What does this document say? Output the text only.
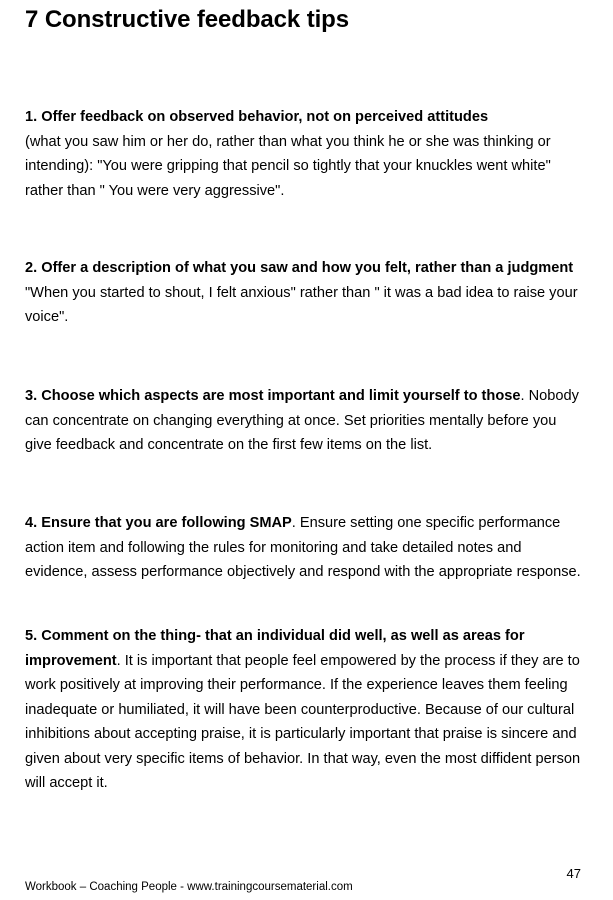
7 Constructive feedback tips

1. Offer feedback on observed behavior, not on perceived attitudes
(what you saw him or her do, rather than what you think he or she was thinking or intending): "You were gripping that pencil so tightly that your knuckles went white" rather than " You were very aggressive".

2. Offer a description of what you saw and how you felt, rather than a judgment
"When you started to shout, I felt anxious" rather than " it was a bad idea to raise your voice".

3. Choose which aspects are most important and limit yourself to those. Nobody can concentrate on changing everything at once. Set priorities mentally before you give feedback and concentrate on the first few items on the list.

4. Ensure that you are following SMAP. Ensure setting one specific performance action item and following the rules for monitoring and take detailed notes and evidence, assess performance objectively and respond with the appropriate response.

5. Comment on the thing- that an individual did well, as well as areas for improvement. It is important that people feel empowered by the process if they are to work positively at improving their performance. If the experience leaves them feeling inadequate or humiliated, it will have been counterproductive. Because of our cultural inhibitions about accepting praise, it is particularly important that praise is sincere and given about very specific items of behavior. In that way, even the most diffident person will accept it.

47
Workbook – Coaching People - www.trainingcoursematerial.com
